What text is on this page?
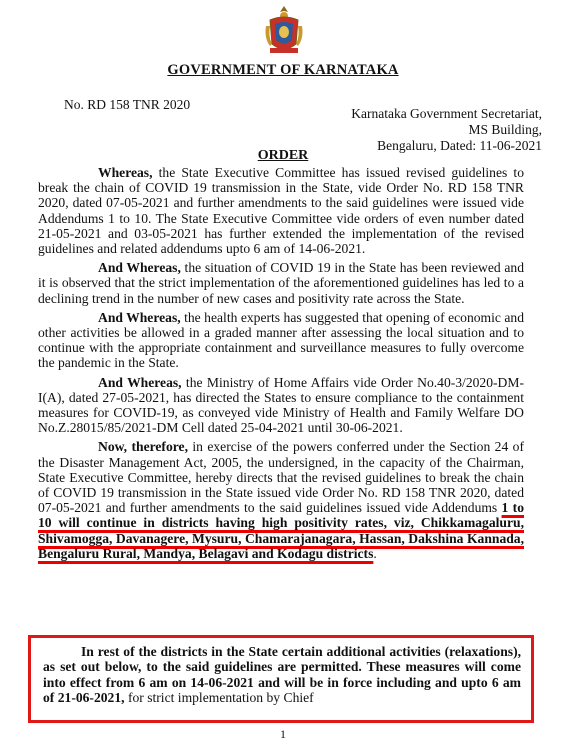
GOVERNMENT OF KARNATAKA
No. RD 158 TNR 2020
Karnataka Government Secretariat,
MS Building,
Bengaluru, Dated: 11-06-2021
ORDER

Whereas, the State Executive Committee has issued revised guidelines to break the chain of COVID 19 transmission in the State, vide Order No. RD 158 TNR 2020, dated 07-05-2021 and further amendments to the said guidelines were issued vide Addendums 1 to 10. The State Executive Committee vide orders of even number dated 21-05-2021 and 03-05-2021 has further extended the implementation of the revised guidelines and related addendums upto 6 am of 14-06-2021.

And Whereas, the situation of COVID 19 in the State has been reviewed and it is observed that the strict implementation of the aforementioned guidelines has led to a declining trend in the number of new cases and positivity rate across the State.

And Whereas, the health experts has suggested that opening of economic and other activities be allowed in a graded manner after assessing the local situation and to continue with the appropriate containment and surveillance measures to fully overcome the pandemic in the State.

And Whereas, the Ministry of Home Affairs vide Order No.40-3/2020-DM-I(A), dated 27-05-2021, has directed the States to ensure compliance to the containment measures for COVID-19, as conveyed vide Ministry of Health and Family Welfare DO No.Z.28015/85/2021-DM Cell dated 25-04-2021 until 30-06-2021.

Now, therefore, in exercise of the powers conferred under the Section 24 of the Disaster Management Act, 2005, the undersigned, in the capacity of the Chairman, State Executive Committee, hereby directs that the revised guidelines to break the chain of COVID 19 transmission in the State issued vide Order No. RD 158 TNR 2020, dated 07-05-2021 and further amendments to the said guidelines issued vide Addendums 1 to 10 will continue in districts having high positivity rates, viz, Chikkamagaluru, Shivamogga, Davanagere, Mysuru, Chamarajanagara, Hassan, Dakshina Kannada, Bengaluru Rural, Mandya, Belagavi and Kodagu districts.

In rest of the districts in the State certain additional activities (relaxations), as set out below, to the said guidelines are permitted. These measures will come into effect from 6 am on 14-06-2021 and will be in force including and upto 6 am of 21-06-2021, for strict implementation by Chief

1
